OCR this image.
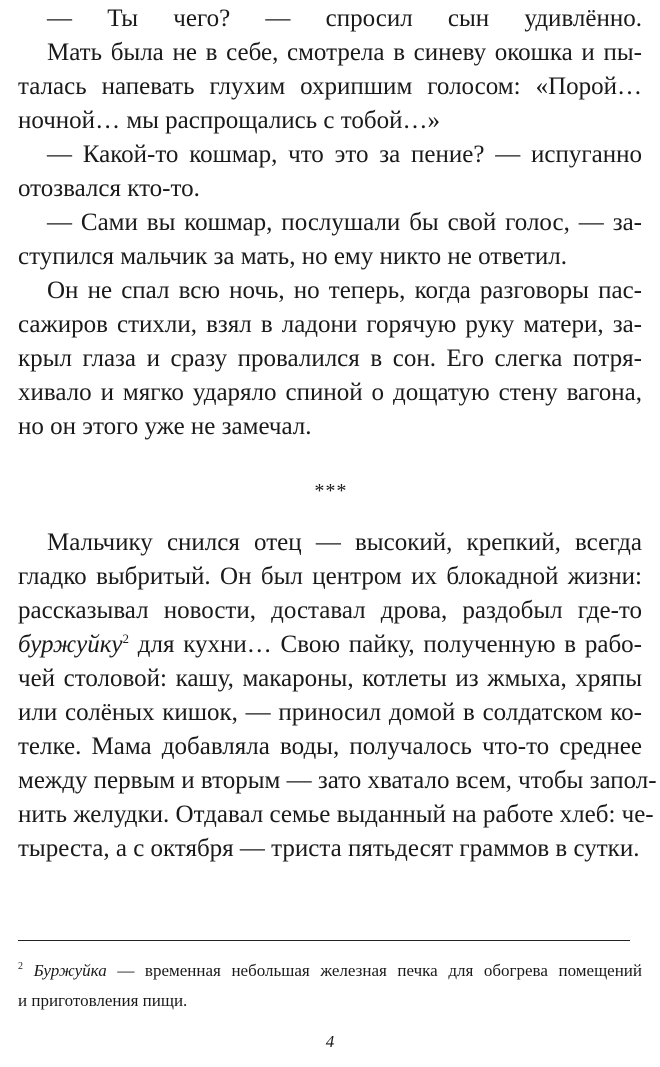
— Ты чего? — спросил сын удивлённо.
Мать была не в себе, смотрела в синеву окошка и пы-
талась напевать глухим охрипшим голосом: «Порой…
ночной… мы распрощались с тобой…»
— Какой-то кошмар, что это за пение? — испуганно
отозвался кто-то.
— Сами вы кошмар, послушали бы свой голос, — за-
ступился мальчик за мать, но ему никто не ответил.
Он не спал всю ночь, но теперь, когда разговоры пас-
сажиров стихли, взял в ладони горячую руку матери, за-
крыл глаза и сразу провалился в сон. Его слегка потря-
хивало и мягко ударяло спиной о дощатую стену вагона,
но он этого уже не замечал.
***
Мальчику снился отец — высокий, крепкий, всегда
гладко выбритый. Он был центром их блокадной жизни:
рассказывал новости, доставал дрова, раздобыл где-то
буржуйку$^2$ для кухни… Свою пайку, полученную в рабо-
чей столовой: кашу, макароны, котлеты из жмыха, хряпы
или солёных кишок, — приносил домой в солдатском ко-
телке. Мама добавляла воды, получалось что-то среднее
между первым и вторым — зато хватало всем, чтобы запол-
нить желудки. Отдавал семье выданный на работе хлеб: че-
тыреста, а с октября — триста пятьдесят граммов в сутки.
$^2$ Буржуйка — временная небольшая железная печка для обогрева помещений
и приготовления пищи.
4
